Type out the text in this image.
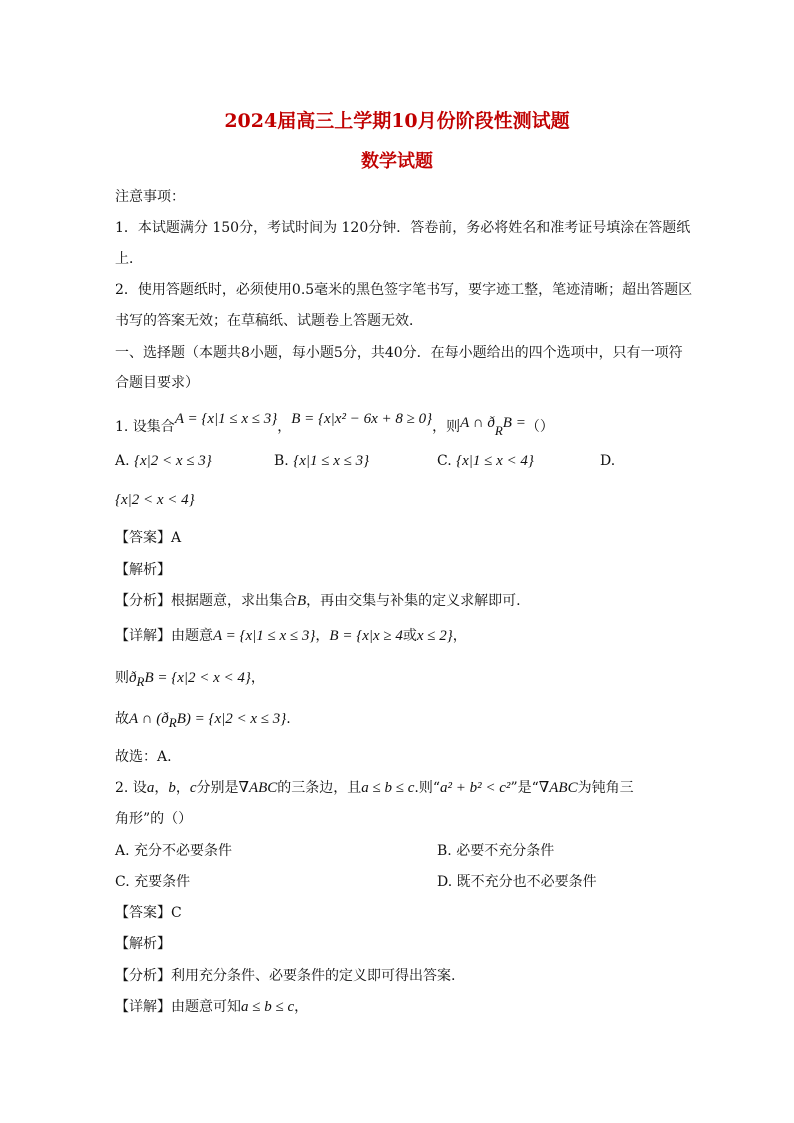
2024届高三上学期10月份阶段性测试题
数学试题
注意事项：
1．本试题满分 150分，考试时间为 120分钟．答卷前，务必将姓名和准考证号填涂在答题纸
上．
2．使用答题纸时，必须使用0.5毫米的黑色签字笔书写，要字迹工整，笔迹清晰；超出答题区
书写的答案无效；在草稿纸、试题卷上答题无效．
一、选择题（本题共8小题，每小题5分，共40分．在每小题给出的四个选项中，只有一项符
合题目要求）
1. 设集合A = {x|1 ≤ x ≤ 3}，B = {x|x² − 6x + 8 ≥ 0}，则A ∩ $ð_RB$ =（）
A. {x|2 < x ≤ 3}	B. {x|1 ≤ x ≤ 3}	C. {x|1 ≤ x < 4}	D.
{x|2 < x < 4}
【答案】A
【解析】
【分析】根据题意，求出集合B，再由交集与补集的定义求解即可.
【详解】由题意A = {x|1 ≤ x ≤ 3}，B = {x|x ≥ 4或x ≤ 2}，
则$ð_RB = \{x|2 < x < 4\}$，
故A ∩ $(ð_RB) = \{x|2 < x \le 3\}$.
故选：A.
2. 设a，b，c分别是∇ABC的三条边，且a ≤ b ≤ c.则“a² + b² < c²”是“∇ABC为钝角三
角形”的（）
A. 充分不必要条件	B. 必要不充分条件
C. 充要条件	D. 既不充分也不必要条件
【答案】C
【解析】
【分析】利用充分条件、必要条件的定义即可得出答案.
【详解】由题意可知a ≤ b ≤ c，
